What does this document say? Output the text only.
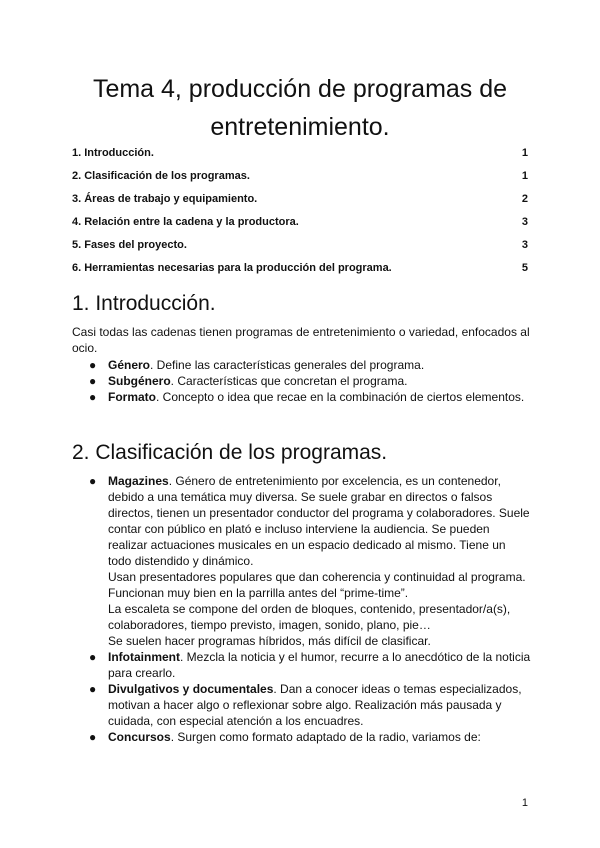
Tema 4, producción de programas de
entretenimiento.
1. Introducción.	1
2. Clasificación de los programas.	1
3. Áreas de trabajo y equipamiento.	2
4. Relación entre la cadena y la productora.	3
5. Fases del proyecto.	3
6. Herramientas necesarias para la producción del programa.	5
1. Introducción.

Casi todas las cadenas tienen programas de entretenimiento o variedad, enfocados al ocio.

● Género. Define las características generales del programa.
● Subgénero. Características que concretan el programa.
● Formato. Concepto o idea que recae en la combinación de ciertos elementos.
2. Clasificación de los programas.
● Magazines. Género de entretenimiento por excelencia, es un contenedor, debido a una temática muy diversa. Se suele grabar en directos o falsos directos, tienen un presentador conductor del programa y colaboradores. Suele contar con público en plató e incluso interviene la audiencia. Se pueden realizar actuaciones musicales en un espacio dedicado al mismo. Tiene un todo distendido y dinámico.
Usan presentadores populares que dan coherencia y continuidad al programa.
Funcionan muy bien en la parrilla antes del “prime-time”.
La escaleta se compone del orden de bloques, contenido, presentador/a(s), colaboradores, tiempo previsto, imagen, sonido, plano, pie…
Se suelen hacer programas híbridos, más difícil de clasificar.
● Infotainment. Mezcla la noticia y el humor, recurre a lo anecdótico de la noticia para crearlo.
● Divulgativos y documentales. Dan a conocer ideas o temas especializados, motivan a hacer algo o reflexionar sobre algo. Realización más pausada y cuidada, con especial atención a los encuadres.
● Concursos. Surgen como formato adaptado de la radio, variamos de:
1
